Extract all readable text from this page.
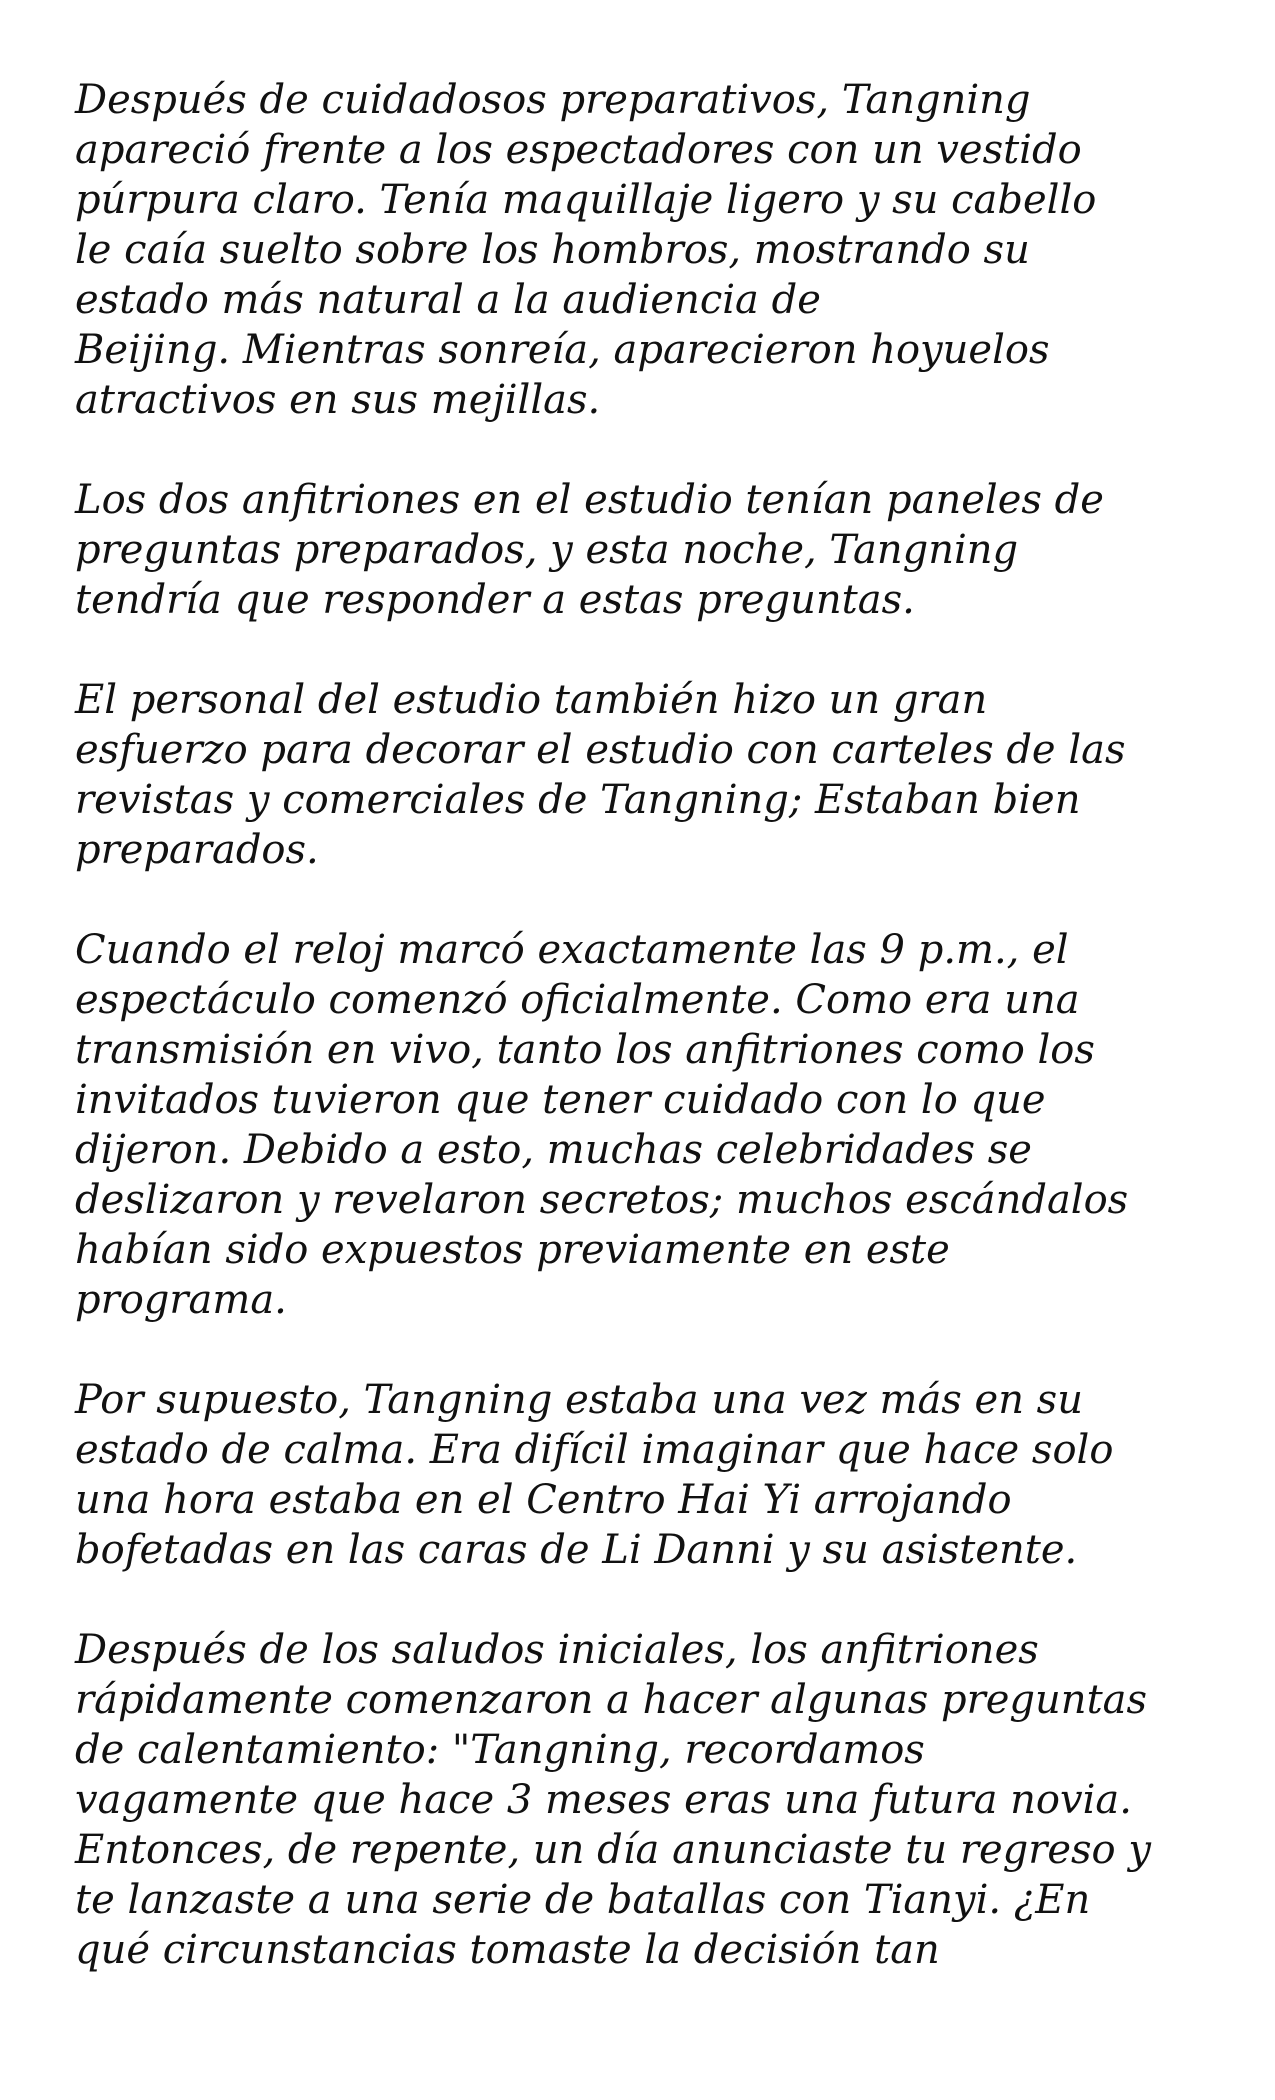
Después de cuidadosos preparativos, Tangning
apareció frente a los espectadores con un vestido
púrpura claro. Tenía maquillaje ligero y su cabello
le caía suelto sobre los hombros, mostrando su
estado más natural a la audiencia de
Beijing. Mientras sonreía, aparecieron hoyuelos
atractivos en sus mejillas.
Los dos anfitriones en el estudio tenían paneles de
preguntas preparados, y esta noche, Tangning
tendría que responder a estas preguntas.
El personal del estudio también hizo un gran
esfuerzo para decorar el estudio con carteles de las
revistas y comerciales de Tangning; Estaban bien
preparados.
Cuando el reloj marcó exactamente las 9 p.m., el
espectáculo comenzó oficialmente. Como era una
transmisión en vivo, tanto los anfitriones como los
invitados tuvieron que tener cuidado con lo que
dijeron. Debido a esto, muchas celebridades se
deslizaron y revelaron secretos; muchos escándalos
habían sido expuestos previamente en este
programa.
Por supuesto, Tangning estaba una vez más en su
estado de calma. Era difícil imaginar que hace solo
una hora estaba en el Centro Hai Yi arrojando
bofetadas en las caras de Li Danni y su asistente.
Después de los saludos iniciales, los anfitriones
rápidamente comenzaron a hacer algunas preguntas
de calentamiento: "Tangning, recordamos
vagamente que hace 3 meses eras una futura novia.
Entonces, de repente, un día anunciaste tu regreso y
te lanzaste a una serie de batallas con Tianyi. ¿En
qué circunstancias tomaste la decisión tan
